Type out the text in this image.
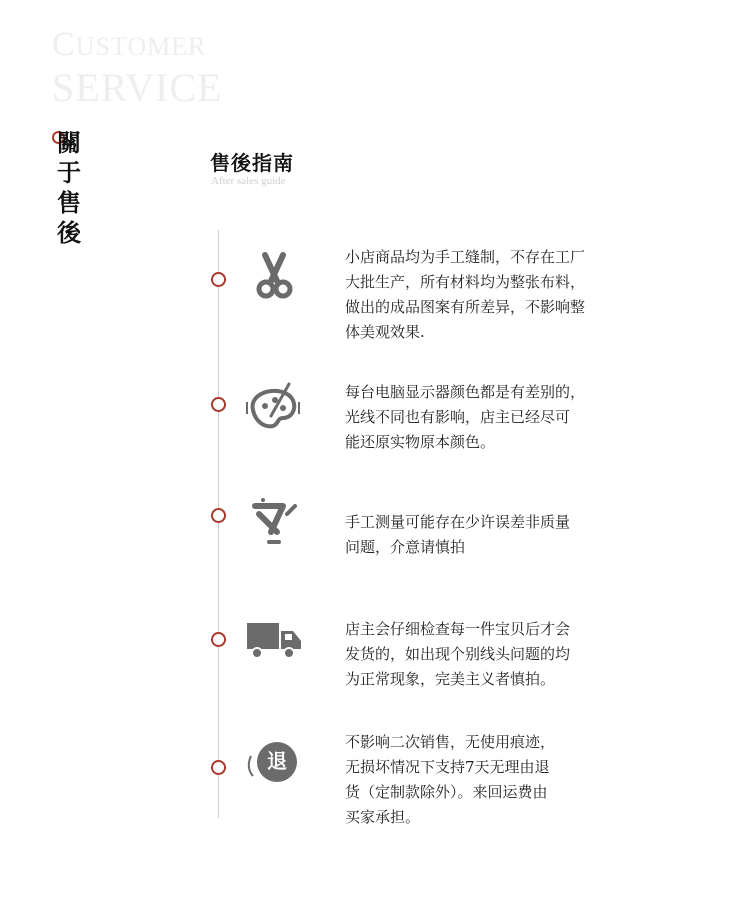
CUSTOMER
SERVICE
關
于
售
後
售後指南
After sales guide
小店商品均为手工缝制，不存在工厂
大批生产，所有材料均为整张布料，
做出的成品图案有所差异，不影响整
体美观效果.
每台电脑显示器颜色都是有差别的，
光线不同也有影响，店主已经尽可
能还原实物原本颜色。
手工测量可能存在少许误差非质量
问题，介意请慎拍
店主会仔细检查每一件宝贝后才会
发货的，如出现个别线头问题的均
为正常现象，完美主义者慎拍。
退
不影响二次销售，无使用痕迹，
无损坏情况下支持7天无理由退
货（定制款除外）。来回运费由
买家承担。
